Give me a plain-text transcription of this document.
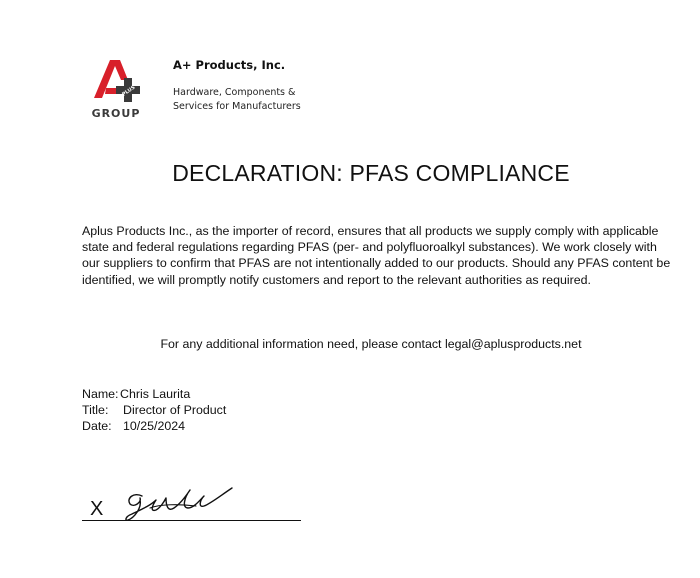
PLUS
GROUP
A+ Products, Inc.
Hardware, Components &
Services for Manufacturers
DECLARATION: PFAS COMPLIANCE
Aplus Products Inc., as the importer of record, ensures that all products we supply comply with applicable state and federal regulations regarding PFAS (per- and polyfluoroalkyl substances). We work closely with our suppliers to confirm that PFAS are not intentionally added to our products. Should any PFAS content be identified, we will promptly notify customers and report to the relevant authorities as required.
For any additional information need, please contact legal@aplusproducts.net
Name: Chris Laurita
Title:	Director of Product
Date: 10/25/2024
X
